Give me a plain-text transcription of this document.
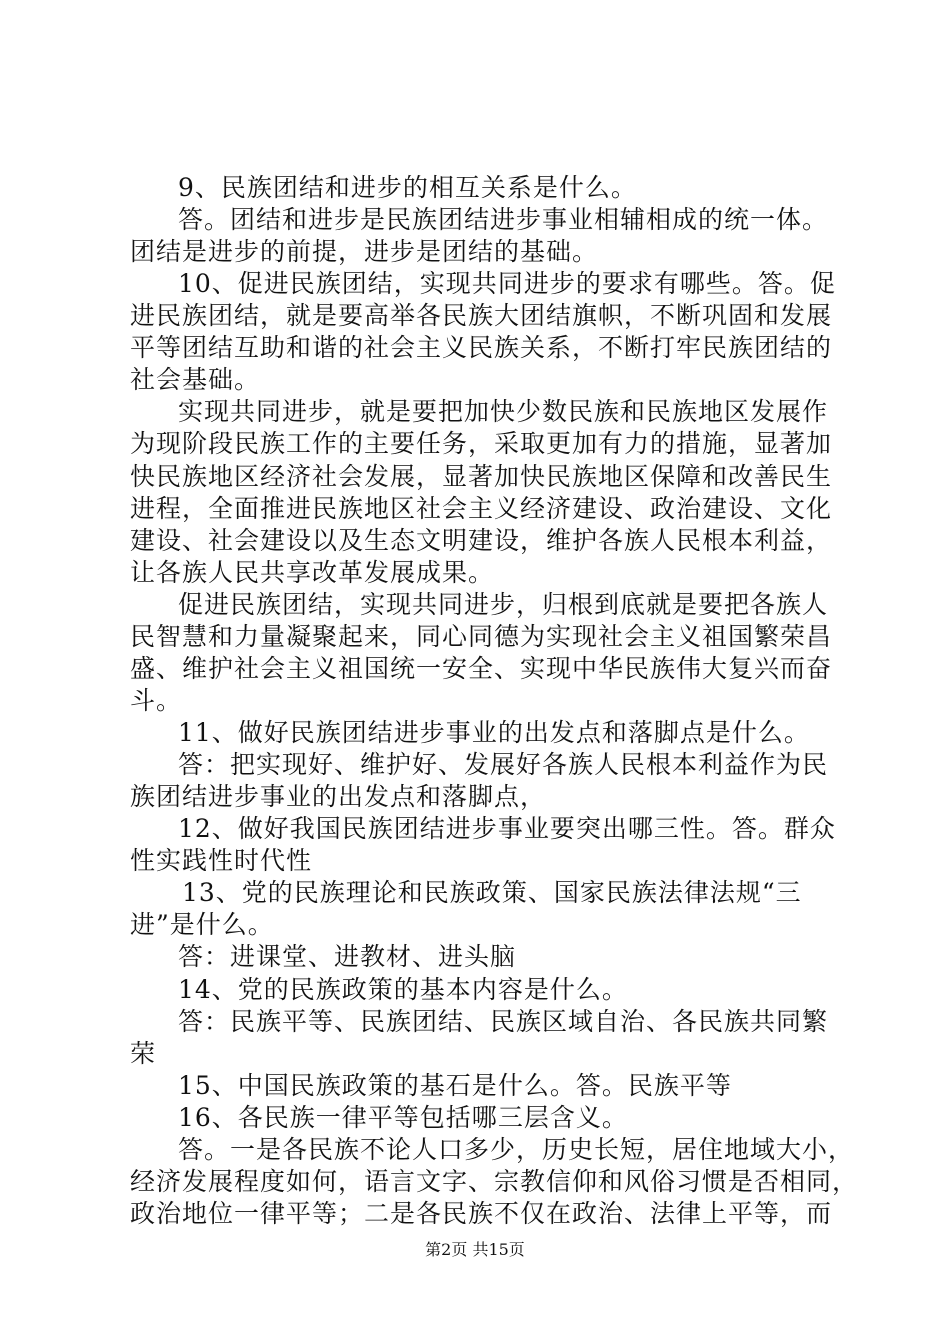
9、民族团结和进步的相互关系是什么。
答。团结和进步是民族团结进步事业相辅相成的统一体。
团结是进步的前提，进步是团结的基础。
10、促进民族团结，实现共同进步的要求有哪些。答。促
进民族团结，就是要高举各民族大团结旗帜，不断巩固和发展
平等团结互助和谐的社会主义民族关系，不断打牢民族团结的
社会基础。
实现共同进步，就是要把加快少数民族和民族地区发展作
为现阶段民族工作的主要任务，采取更加有力的措施，显著加
快民族地区经济社会发展，显著加快民族地区保障和改善民生
进程，全面推进民族地区社会主义经济建设、政治建设、文化
建设、社会建设以及生态文明建设，维护各族人民根本利益，
让各族人民共享改革发展成果。
促进民族团结，实现共同进步，归根到底就是要把各族人
民智慧和力量凝聚起来，同心同德为实现社会主义祖国繁荣昌
盛、维护社会主义祖国统一安全、实现中华民族伟大复兴而奋
斗。
11、做好民族团结进步事业的出发点和落脚点是什么。
答：把实现好、维护好、发展好各族人民根本利益作为民
族团结进步事业的出发点和落脚点，
12、做好我国民族团结进步事业要突出哪三性。答。群众
性实践性时代性
13、党的民族理论和民族政策、国家民族法律法规“三
进”是什么。
答：进课堂、进教材、进头脑
14、党的民族政策的基本内容是什么。
答：民族平等、民族团结、民族区域自治、各民族共同繁
荣
15、中国民族政策的基石是什么。答。民族平等
16、各民族一律平等包括哪三层含义。
答。一是各民族不论人口多少，历史长短，居住地域大小，
经济发展程度如何，语言文字、宗教信仰和风俗习惯是否相同，
政治地位一律平等；二是各民族不仅在政治、法律上平等，而
第2页 共15页
